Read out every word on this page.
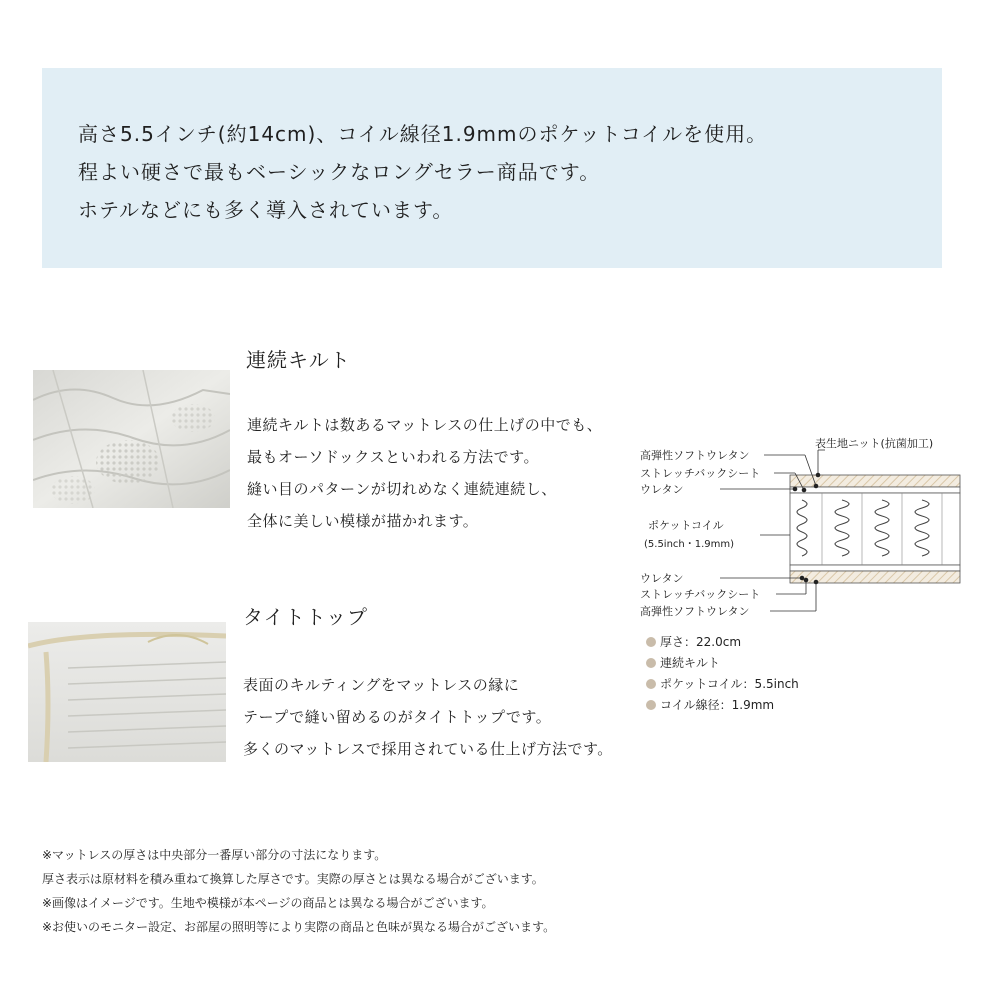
高さ5.5インチ(約14cm)、コイル線径1.9mmのポケットコイルを使用。
程よい硬さで最もベーシックなロングセラー商品です。
ホテルなどにも多く導入されています。
連続キルト
連続キルトは数あるマットレスの仕上げの中でも、
最もオーソドックスといわれる方法です。
縫い目のパターンが切れめなく連続連続し、
全体に美しい模様が描かれます。
タイトトップ
表面のキルティングをマットレスの縁に
テープで縫い留めるのがタイトトップです。
多くのマットレスで採用されている仕上げ方法です。
表生地ニット(抗菌加工)
高弾性ソフトウレタン
ストレッチバックシート
ウレタン
ポケットコイル
(5.5inch・1.9mm)
ウレタン
ストレッチバックシート
高弾性ソフトウレタン
厚さ：22.0cm
連続キルト
ポケットコイル：5.5inch
コイル線径：1.9mm
※マットレスの厚さは中央部分一番厚い部分の寸法になります。
厚さ表示は原材料を積み重ねて換算した厚さです。実際の厚さとは異なる場合がございます。
※画像はイメージです。生地や模様が本ページの商品とは異なる場合がございます。
※お使いのモニター設定、お部屋の照明等により実際の商品と色味が異なる場合がございます。
